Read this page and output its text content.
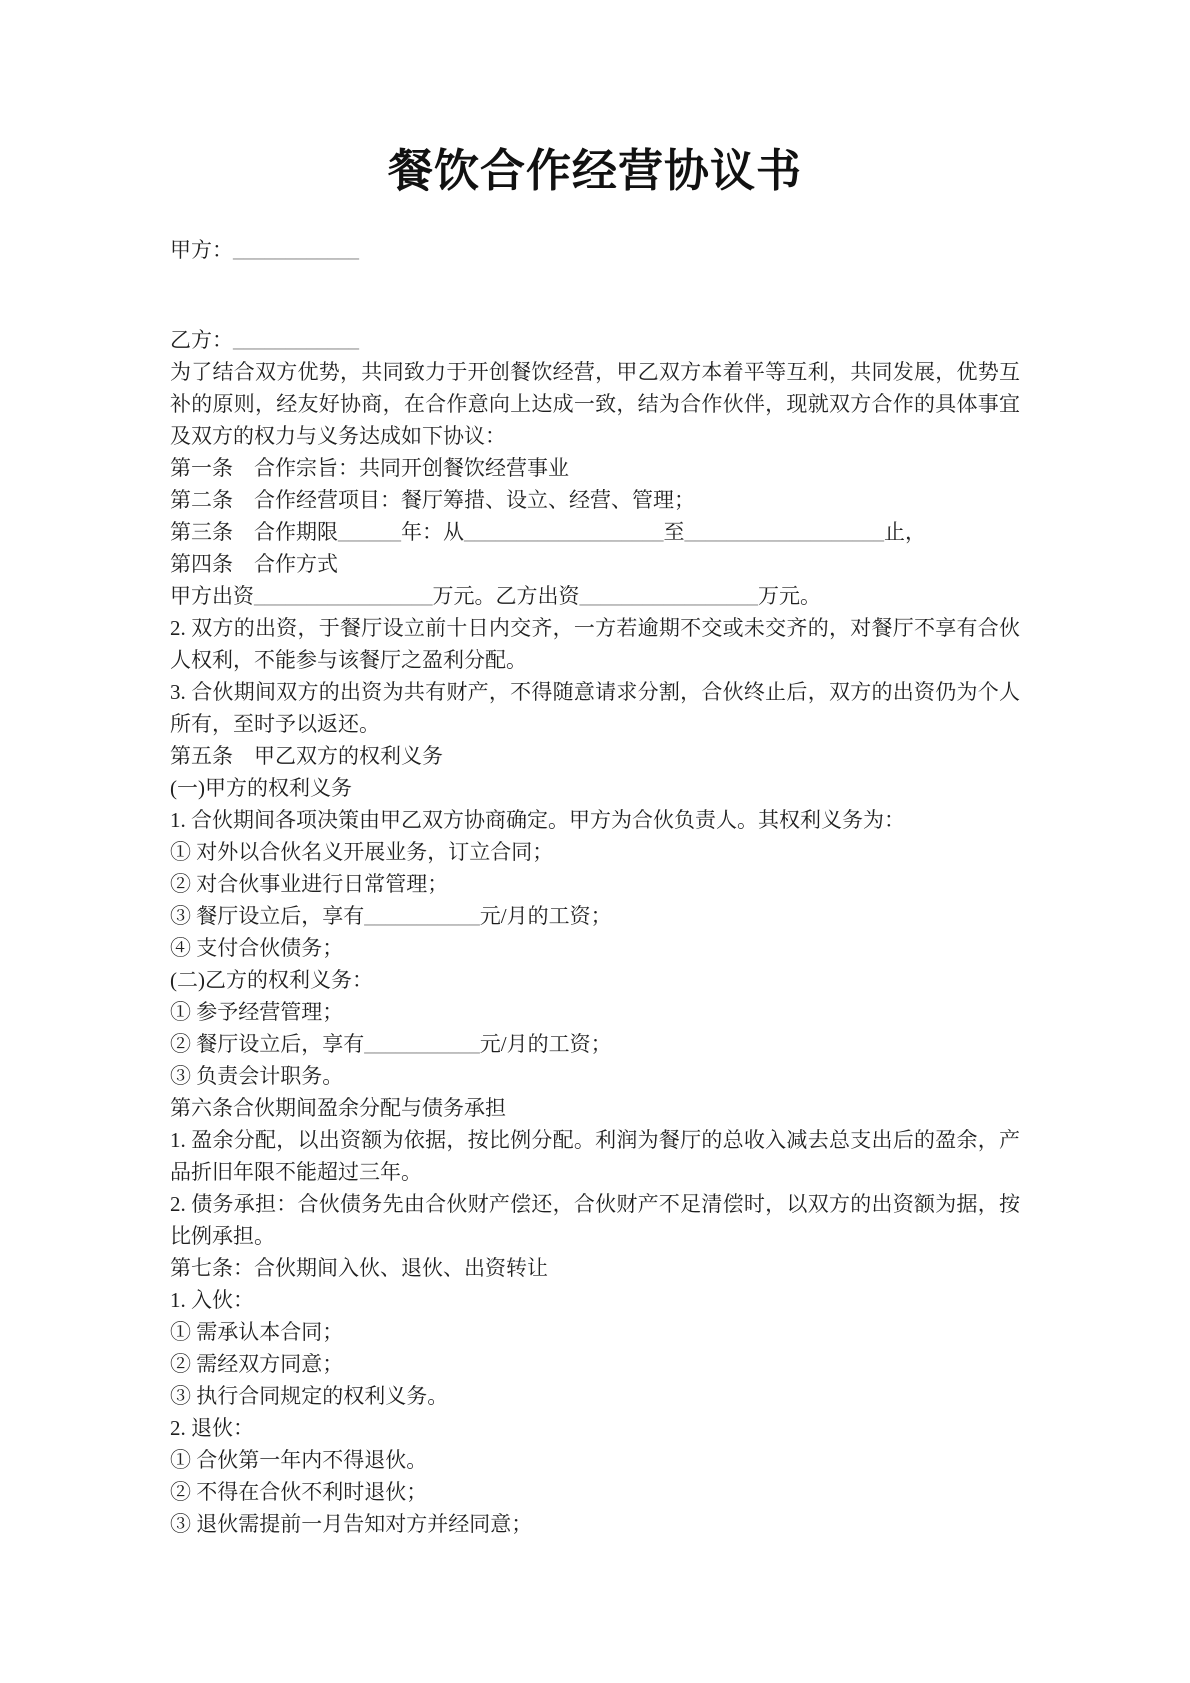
餐饮合作经营协议书
甲方：____________
乙方：____________
为了结合双方优势，共同致力于开创餐饮经营，甲乙双方本着平等互利，共同发展，优势互补的原则，经友好协商，在合作意向上达成一致，结为合作伙伴，现就双方合作的具体事宜及双方的权力与义务达成如下协议：
第一条　合作宗旨：共同开创餐饮经营事业
第二条　合作经营项目：餐厅筹措、设立、经营、管理；
第三条　合作期限______年：从___________________至___________________止，
第四条　合作方式
甲方出资_________________万元。乙方出资_________________万元。
2. 双方的出资，于餐厅设立前十日内交齐，一方若逾期不交或未交齐的，对餐厅不享有合伙人权利，不能参与该餐厅之盈利分配。
3. 合伙期间双方的出资为共有财产，不得随意请求分割，合伙终止后，双方的出资仍为个人所有，至时予以返还。
第五条　甲乙双方的权利义务
(一)甲方的权利义务
1. 合伙期间各项决策由甲乙双方协商确定。甲方为合伙负责人。其权利义务为：
① 对外以合伙名义开展业务，订立合同；
② 对合伙事业进行日常管理；
③ 餐厅设立后，享有___________元/月的工资；
④ 支付合伙债务；
(二)乙方的权利义务：
① 参予经营管理；
② 餐厅设立后，享有___________元/月的工资；
③ 负责会计职务。
第六条合伙期间盈余分配与债务承担
1. 盈余分配，以出资额为依据，按比例分配。利润为餐厅的总收入减去总支出后的盈余，产品折旧年限不能超过三年。
2. 债务承担：合伙债务先由合伙财产偿还，合伙财产不足清偿时，以双方的出资额为据，按比例承担。
第七条：合伙期间入伙、退伙、出资转让
1. 入伙：
① 需承认本合同；
② 需经双方同意；
③ 执行合同规定的权利义务。
2. 退伙：
① 合伙第一年内不得退伙。
② 不得在合伙不利时退伙；
③ 退伙需提前一月告知对方并经同意；
